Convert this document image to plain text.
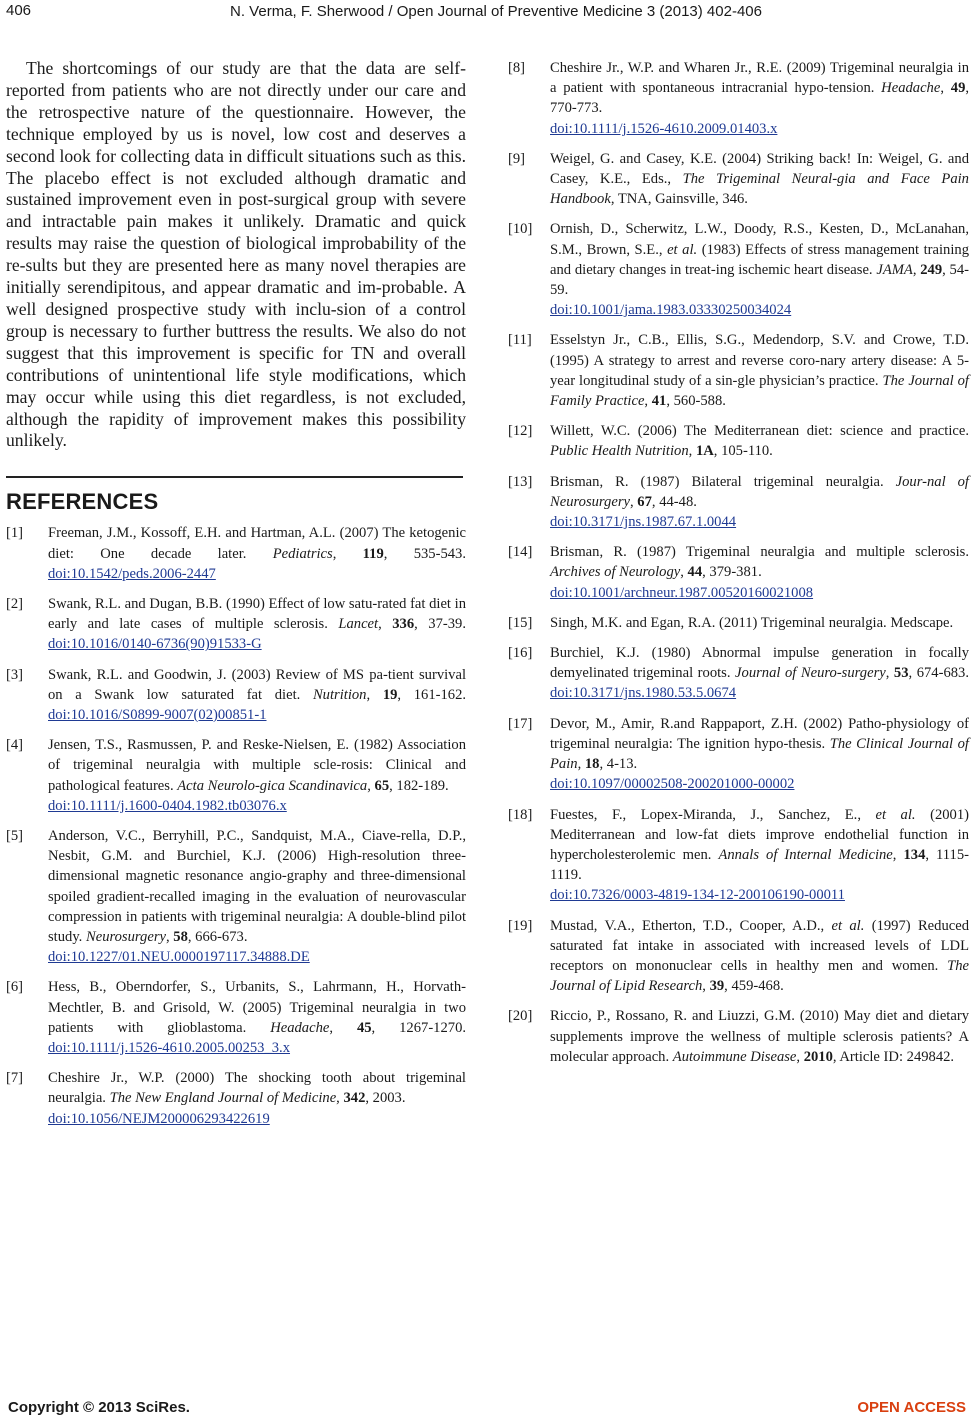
406	N. Verma, F. Sherwood / Open Journal of Preventive Medicine 3 (2013) 402-406

The shortcomings of our study are that the data are self-reported from patients who are not directly under our care and the retrospective nature of the questionnaire. However, the technique employed by us is novel, low cost and deserves a second look for collecting data in difficult situations such as this. The placebo effect is not excluded although dramatic and sustained improvement even in post-surgical group with severe and intractable pain makes it unlikely. Dramatic and quick results may raise the question of biological improbability of the re-sults but they are presented here as many novel therapies are initially serendipitous, and appear dramatic and im-probable. A well designed prospective study with inclu-sion of a control group is necessary to further buttress the results. We also do not suggest that this improvement is specific for TN and overall contributions of unintentional life style modifications, which may occur while using this diet regardless, is not excluded, although the rapidity of improvement makes this possibility unlikely.

REFERENCES
[1]	Freeman, J.M., Kossoff, E.H. and Hartman, A.L. (2007) The ketogenic diet: One decade later. Pediatrics, 119, 535-543. doi:10.1542/peds.2006-2447
[2]	Swank, R.L. and Dugan, B.B. (1990) Effect of low satu-rated fat diet in early and late cases of multiple sclerosis. Lancet, 336, 37-39. doi:10.1016/0140-6736(90)91533-G
[3]	Swank, R.L. and Goodwin, J. (2003) Review of MS pa-tient survival on a Swank low saturated fat diet. Nutrition, 19, 161-162. doi:10.1016/S0899-9007(02)00851-1
[4]	Jensen, T.S., Rasmussen, P. and Reske-Nielsen, E. (1982) Association of trigeminal neuralgia with multiple scle-rosis: Clinical and pathological features. Acta Neurolo-gica Scandinavica, 65, 182-189.
doi:10.1111/j.1600-0404.1982.tb03076.x
[5]	Anderson, V.C., Berryhill, P.C., Sandquist, M.A., Ciave-rella, D.P., Nesbit, G.M. and Burchiel, K.J. (2006) High-resolution three-dimensional magnetic resonance angio-graphy and three-dimensional spoiled gradient-recalled imaging in the evaluation of neurovascular compression in patients with trigeminal neuralgia: A double-blind pilot study. Neurosurgery, 58, 666-673.
doi:10.1227/01.NEU.0000197117.34888.DE
[6]	Hess, B., Oberndorfer, S., Urbanits, S., Lahrmann, H., Horvath-Mechtler, B. and Grisold, W. (2005) Trigeminal neuralgia in two patients with glioblastoma. Headache, 45, 1267-1270. doi:10.1111/j.1526-4610.2005.00253_3.x
[7]	Cheshire Jr., W.P. (2000) The shocking tooth about trigeminal neuralgia. The New England Journal of Medicine, 342, 2003.
doi:10.1056/NEJM200006293422619
[8]	Cheshire Jr., W.P. and Wharen Jr., R.E. (2009) Trigeminal neuralgia in a patient with spontaneous intracranial hypo-tension. Headache, 49, 770-773.
doi:10.1111/j.1526-4610.2009.01403.x
[9]	Weigel, G. and Casey, K.E. (2004) Striking back! In: Weigel, G. and Casey, K.E., Eds., The Trigeminal Neural-gia and Face Pain Handbook, TNA, Gainsville, 346.
[10]	Ornish, D., Scherwitz, L.W., Doody, R.S., Kesten, D., McLanahan, S.M., Brown, S.E., et al. (1983) Effects of stress management training and dietary changes in treat-ing ischemic heart disease. JAMA, 249, 54-59.
doi:10.1001/jama.1983.03330250034024
[11]	Esselstyn Jr., C.B., Ellis, S.G., Medendorp, S.V. and Crowe, T.D. (1995) A strategy to arrest and reverse coro-nary artery disease: A 5-year longitudinal study of a sin-gle physician’s practice. The Journal of Family Practice, 41, 560-588.
[12]	Willett, W.C. (2006) The Mediterranean diet: science and practice. Public Health Nutrition, 1A, 105-110.
[13]	Brisman, R. (1987) Bilateral trigeminal neuralgia. Jour-nal of Neurosurgery, 67, 44-48.
doi:10.3171/jns.1987.67.1.0044
[14]	Brisman, R. (1987) Trigeminal neuralgia and multiple sclerosis. Archives of Neurology, 44, 379-381.
doi:10.1001/archneur.1987.00520160021008
[15]	Singh, M.K. and Egan, R.A. (2011) Trigeminal neuralgia. Medscape.
[16]	Burchiel, K.J. (1980) Abnormal impulse generation in focally demyelinated trigeminal roots. Journal of Neuro-surgery, 53, 674-683. doi:10.3171/jns.1980.53.5.0674
[17]	Devor, M., Amir, R.and Rappaport, Z.H. (2002) Patho-physiology of trigeminal neuralgia: The ignition hypo-thesis. The Clinical Journal of Pain, 18, 4-13.
doi:10.1097/00002508-200201000-00002
[18]	Fuestes, F., Lopex-Miranda, J., Sanchez, E., et al. (2001) Mediterranean and low-fat diets improve endothelial function in hypercholesterolemic men. Annals of Internal Medicine, 134, 1115-1119.
doi:10.7326/0003-4819-134-12-200106190-00011
[19]	Mustad, V.A., Etherton, T.D., Cooper, A.D., et al. (1997) Reduced saturated fat intake in associated with increased levels of LDL receptors on mononuclear cells in healthy men and women. The Journal of Lipid Research, 39, 459-468.
[20]	Riccio, P., Rossano, R. and Liuzzi, G.M. (2010) May diet and dietary supplements improve the wellness of multiple sclerosis patients? A molecular approach. Autoimmune Disease, 2010, Article ID: 249842.
Copyright © 2013 SciRes.	OPEN ACCESS
